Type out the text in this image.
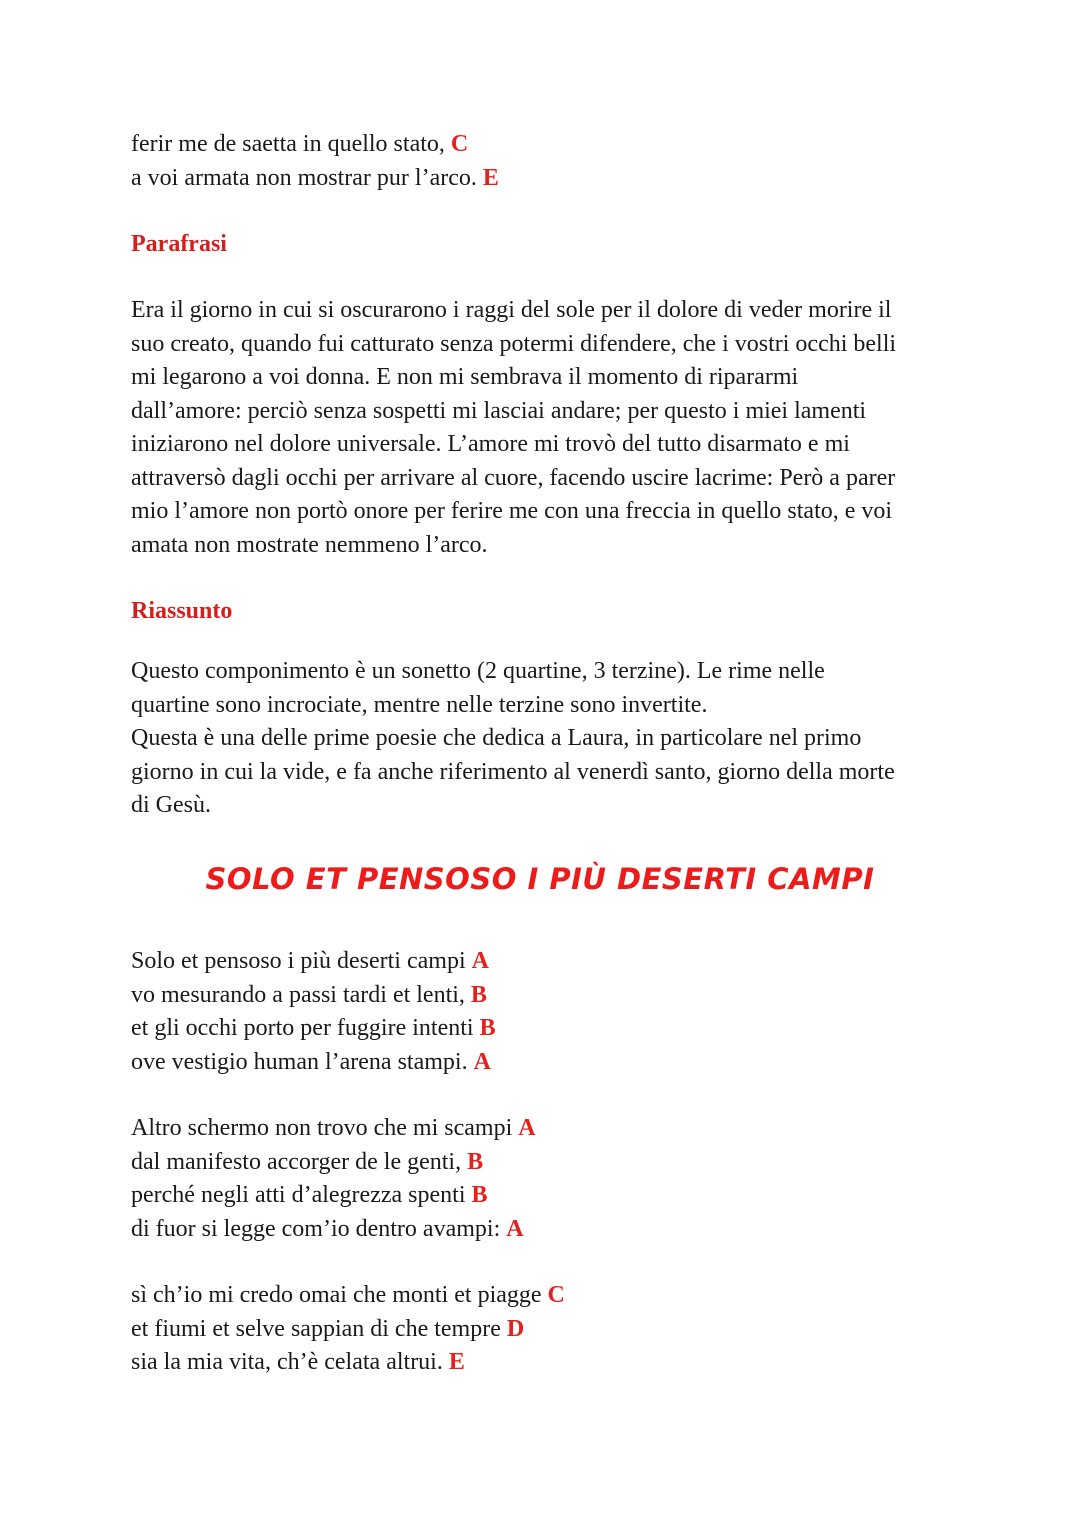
ferir me de saetta in quello stato, C
a voi armata non mostrar pur l’arco. E
Parafrasi
Era il giorno in cui si oscurarono i raggi del sole per il dolore di veder morire il
suo creato, quando fui catturato senza potermi difendere, che i vostri occhi belli
mi legarono a voi donna. E non mi sembrava il momento di ripararmi
dall’amore: perciò senza sospetti mi lasciai andare; per questo i miei lamenti
iniziarono nel dolore universale. L’amore mi trovò del tutto disarmato e mi
attraversò dagli occhi per arrivare al cuore, facendo uscire lacrime: Però a parer
mio l’amore non portò onore per ferire me con una freccia in quello stato, e voi
amata non mostrate nemmeno l’arco.
Riassunto
Questo componimento è un sonetto (2 quartine, 3 terzine). Le rime nelle
quartine sono incrociate, mentre nelle terzine sono invertite.
Questa è una delle prime poesie che dedica a Laura, in particolare nel primo
giorno in cui la vide, e fa anche riferimento al venerdì santo, giorno della morte
di Gesù.
SOLO ET PENSOSO I PIÙ DESERTI CAMPI
Solo et pensoso i più deserti campi A
vo mesurando a passi tardi et lenti, B
et gli occhi porto per fuggire intenti B
ove vestigio human l’arena stampi. A
Altro schermo non trovo che mi scampi A
dal manifesto accorger de le genti, B
perché negli atti d’alegrezza spenti B
di fuor si legge com’io dentro avampi: A
sì ch’io mi credo omai che monti et piagge C
et fiumi et selve sappian di che tempre D
sia la mia vita, ch’è celata altrui. E
